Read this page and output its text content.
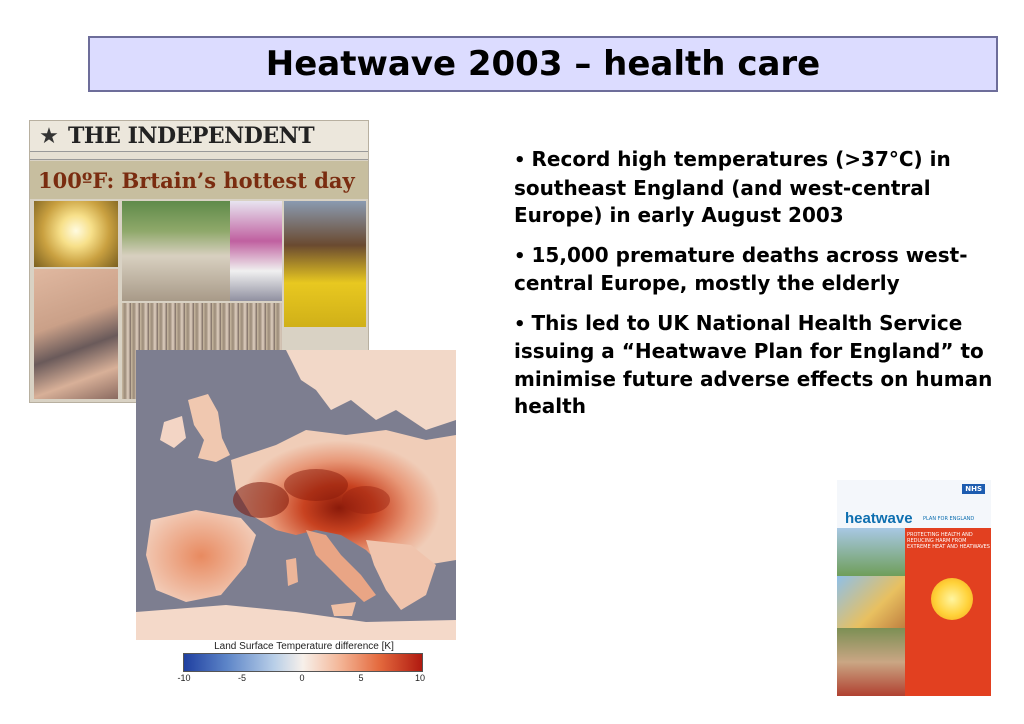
Heatwave 2003 – health care
★ THE INDEPENDENT
100ºF: Brtain’s hottest day
Land Surface Temperature difference [K]
-10	-5	0	5	10
• Record high temperatures (>37°C) in southeast England (and west-central Europe) in early August 2003
• 15,000 premature deaths across west-central Europe, mostly the elderly
• This led to UK National Health Service issuing a “Heatwave Plan for England” to minimise future adverse effects on human health
NHS
heatwave PLAN FOR ENGLAND
PROTECTING HEALTH AND REDUCING HARM FROM EXTREME HEAT AND HEATWAVES
